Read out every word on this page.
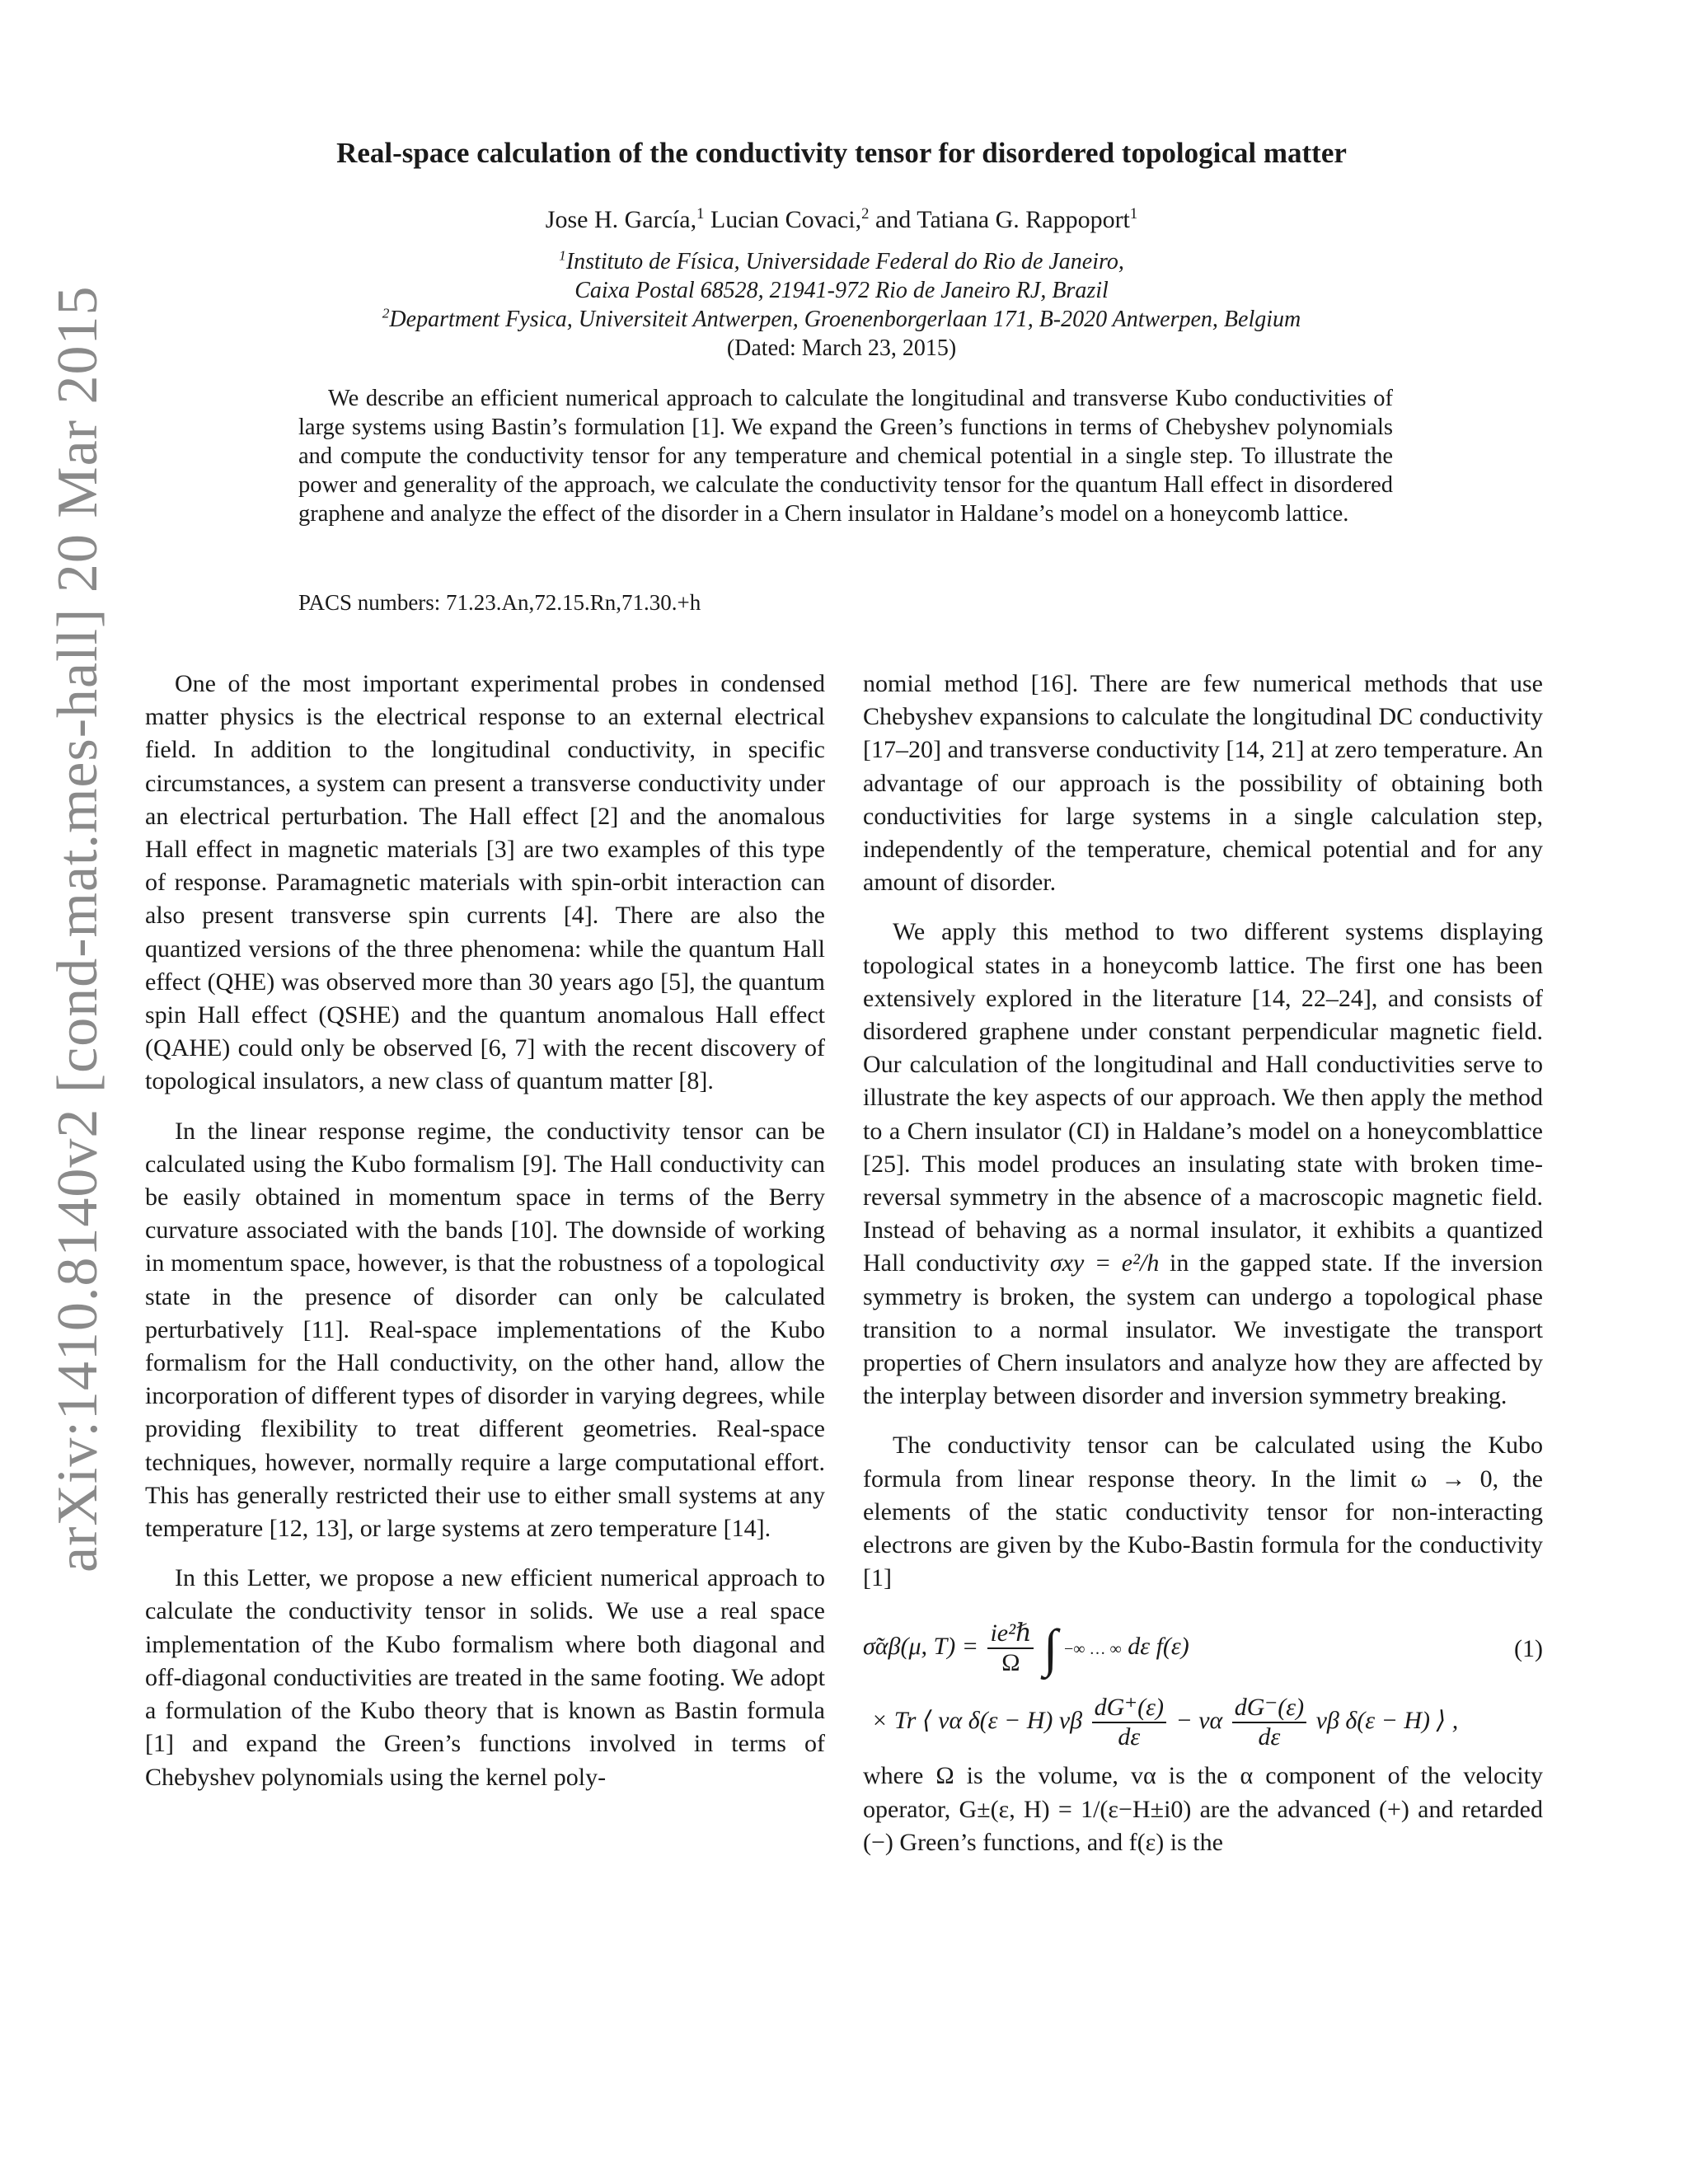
arXiv:1410.8140v2 [cond-mat.mes-hall] 20 Mar 2015
Real-space calculation of the conductivity tensor for disordered topological matter
Jose H. García,$^1$ Lucian Covaci,$^2$ and Tatiana G. Rappoport$^1$
$^1$Instituto de Física, Universidade Federal do Rio de Janeiro,
Caixa Postal 68528, 21941-972 Rio de Janeiro RJ, Brazil
$^2$Department Fysica, Universiteit Antwerpen, Groenenborgerlaan 171, B-2020 Antwerpen, Belgium
(Dated: March 23, 2015)
We describe an efficient numerical approach to calculate the longitudinal and transverse Kubo conductivities of large systems using Bastin’s formulation [1]. We expand the Green’s functions in terms of Chebyshev polynomials and compute the conductivity tensor for any temperature and chemical potential in a single step. To illustrate the power and generality of the approach, we calculate the conductivity tensor for the quantum Hall effect in disordered graphene and analyze the effect of the disorder in a Chern insulator in Haldane’s model on a honeycomb lattice.
PACS numbers: 71.23.An,72.15.Rn,71.30.+h

One of the most important experimental probes in condensed matter physics is the electrical response to an external electrical field. In addition to the longitudinal conductivity, in specific circumstances, a system can present a transverse conductivity under an electrical perturbation. The Hall effect [2] and the anomalous Hall effect in magnetic materials [3] are two examples of this type of response. Paramagnetic materials with spin-orbit interaction can also present transverse spin currents [4]. There are also the quantized versions of the three phenomena: while the quantum Hall effect (QHE) was observed more than 30 years ago [5], the quantum spin Hall effect (QSHE) and the quantum anomalous Hall effect (QAHE) could only be observed [6, 7] with the recent discovery of topological insulators, a new class of quantum matter [8].

In the linear response regime, the conductivity tensor can be calculated using the Kubo formalism [9]. The Hall conductivity can be easily obtained in momentum space in terms of the Berry curvature associated with the bands [10]. The downside of working in momentum space, however, is that the robustness of a topological state in the presence of disorder can only be calculated perturbatively [11]. Real-space implementations of the Kubo formalism for the Hall conductivity, on the other hand, allow the incorporation of different types of disorder in varying degrees, while providing flexibility to treat different geometries. Real-space techniques, however, normally require a large computational effort. This has generally restricted their use to either small systems at any temperature [12, 13], or large systems at zero temperature [14].

In this Letter, we propose a new efficient numerical approach to calculate the conductivity tensor in solids. We use a real space implementation of the Kubo formalism where both diagonal and off-diagonal conductivities are treated in the same footing. We adopt a formulation of the Kubo theory that is known as Bastin formula [1] and expand the Green’s functions involved in terms of Chebyshev polynomials using the kernel poly-

nomial method [16]. There are few numerical methods that use Chebyshev expansions to calculate the longitudinal DC conductivity [17–20] and transverse conductivity [14, 21] at zero temperature. An advantage of our approach is the possibility of obtaining both conductivities for large systems in a single calculation step, independently of the temperature, chemical potential and for any amount of disorder.

We apply this method to two different systems displaying topological states in a honeycomb lattice. The first one has been extensively explored in the literature [14, 22–24], and consists of disordered graphene under constant perpendicular magnetic field. Our calculation of the longitudinal and Hall conductivities serve to illustrate the key aspects of our approach. We then apply the method to a Chern insulator (CI) in Haldane’s model on a honeycomblattice [25]. This model produces an insulating state with broken time-reversal symmetry in the absence of a macroscopic magnetic field. Instead of behaving as a normal insulator, it exhibits a quantized Hall conductivity σxy = e²/h in the gapped state. If the inversion symmetry is broken, the system can undergo a topological phase transition to a normal insulator. We investigate the transport properties of Chern insulators and analyze how they are affected by the interplay between disorder and inversion symmetry breaking.

The conductivity tensor can be calculated using the Kubo formula from linear response theory. In the limit ω → 0, the elements of the static conductivity tensor for non-interacting electrons are given by the Kubo-Bastin formula for the conductivity [1]

σ̃αβ(μ, $T) = \frac{\text{ie²ℏ}}{\Omega}$ ∫ −∞ … ∞ dε f(ε)	(1)
× Tr ⟨ vα δ(ε − H) vβ $\frac{dG^+(\varepsilon)}{d\varepsilon} - v\alpha \frac{dG^-(\varepsilon)}{d\varepsilon}$ vβ δ(ε − H) ⟩ ,

where Ω is the volume, vα is the α component of the velocity operator, G±(ε, H) = 1/(ε−H±i0) are the advanced (+) and retarded (−) Green’s functions, and f(ε) is the
